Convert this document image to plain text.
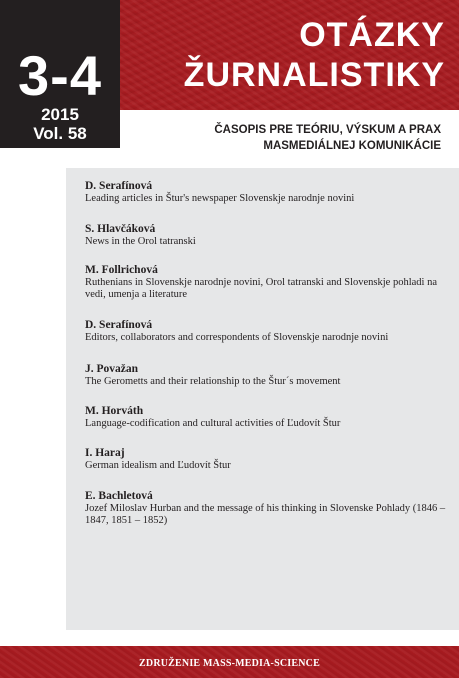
OTÁZKY
ŽURNALISTIKY
3-4
2015
Vol. 58	ČASOPIS PRE TEÓRIU, VÝSKUM A PRAX
MASMEDIÁLNEJ KOMUNIKÁCIE
D. Serafínová
Leading articles in Štur's newspaper Slovenskje narodnje novini
S. Hlavčáková
News in the Orol tatranski
M. Follrichová
Ruthenians in Slovenskje narodnje novini, Orol tatranski and Slovenskje pohladi na vedi, umenja a literature
D. Serafínová
Editors, collaborators and correspondents of Slovenskje narodnje novini
J. Považan
The Gerometts and their relationship to the Štur´s movement
M. Horváth
Language-codification and cultural activities of Ľudovít Štur
I. Haraj
German idealism and Ľudovít Štur
E. Bachletová
Jozef Miloslav Hurban and the message of his thinking in Slovenske Pohlady (1846 – 1847, 1851 – 1852)
ZDRUŽENIE MASS-MEDIA-SCIENCE
